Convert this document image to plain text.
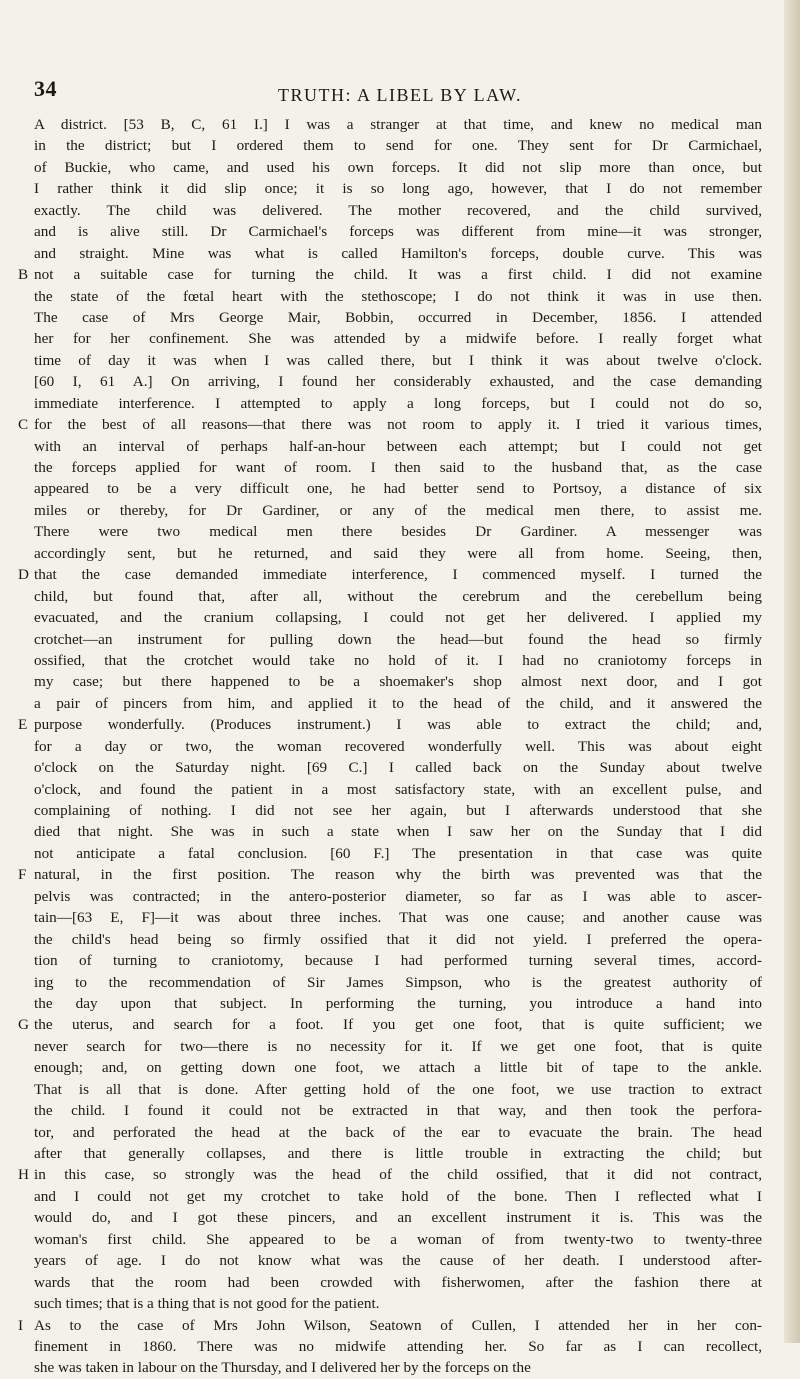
34	TRUTH: A LIBEL BY LAW.
A district. [53 B, C, 61 I.] I was a stranger at that time, and knew no medical man
in the district; but I ordered them to send for one. They sent for Dr Carmichael,
of Buckie, who came, and used his own forceps. It did not slip more than once, but
I rather think it did slip once; it is so long ago, however, that I do not remember
exactly. The child was delivered. The mother recovered, and the child survived,
and is alive still. Dr Carmichael's forceps was different from mine—it was stronger,
and straight. Mine was what is called Hamilton's forceps, double curve. This was
B not a suitable case for turning the child. It was a first child. I did not examine
the state of the fœtal heart with the stethoscope; I do not think it was in use then.
The case of Mrs George Mair, Bobbin, occurred in December, 1856. I attended
her for her confinement. She was attended by a midwife before. I really forget what
time of day it was when I was called there, but I think it was about twelve o'clock.
[60 I, 61 A.] On arriving, I found her considerably exhausted, and the case demanding
immediate interference. I attempted to apply a long forceps, but I could not do so,
C for the best of all reasons—that there was not room to apply it. I tried it various times,
with an interval of perhaps half-an-hour between each attempt; but I could not get
the forceps applied for want of room. I then said to the husband that, as the case
appeared to be a very difficult one, he had better send to Portsoy, a distance of six
miles or thereby, for Dr Gardiner, or any of the medical men there, to assist me.
There were two medical men there besides Dr Gardiner. A messenger was
accordingly sent, but he returned, and said they were all from home. Seeing, then,
D that the case demanded immediate interference, I commenced myself. I turned the
child, but found that, after all, without the cerebrum and the cerebellum being
evacuated, and the cranium collapsing, I could not get her delivered. I applied my
crotchet—an instrument for pulling down the head—but found the head so firmly
ossified, that the crotchet would take no hold of it. I had no craniotomy forceps in
my case; but there happened to be a shoemaker's shop almost next door, and I got
a pair of pincers from him, and applied it to the head of the child, and it answered the
E purpose wonderfully. (Produces instrument.) I was able to extract the child; and,
for a day or two, the woman recovered wonderfully well. This was about eight
o'clock on the Saturday night. [69 C.] I called back on the Sunday about twelve
o'clock, and found the patient in a most satisfactory state, with an excellent pulse, and
complaining of nothing. I did not see her again, but I afterwards understood that she
died that night. She was in such a state when I saw her on the Sunday that I did
not anticipate a fatal conclusion. [60 F.] The presentation in that case was quite
F natural, in the first position. The reason why the birth was prevented was that the
pelvis was contracted; in the antero-posterior diameter, so far as I was able to ascer-
tain—[63 E, F]—it was about three inches. That was one cause; and another cause was
the child's head being so firmly ossified that it did not yield. I preferred the opera-
tion of turning to craniotomy, because I had performed turning several times, accord-
ing to the recommendation of Sir James Simpson, who is the greatest authority of
the day upon that subject. In performing the turning, you introduce a hand into
G the uterus, and search for a foot. If you get one foot, that is quite sufficient; we
never search for two—there is no necessity for it. If we get one foot, that is quite
enough; and, on getting down one foot, we attach a little bit of tape to the ankle.
That is all that is done. After getting hold of the one foot, we use traction to extract
the child. I found it could not be extracted in that way, and then took the perfora-
tor, and perforated the head at the back of the ear to evacuate the brain. The head
after that generally collapses, and there is little trouble in extracting the child; but
H in this case, so strongly was the head of the child ossified, that it did not contract,
and I could not get my crotchet to take hold of the bone. Then I reflected what I
would do, and I got these pincers, and an excellent instrument it is. This was the
woman's first child. She appeared to be a woman of from twenty-two to twenty-three
years of age. I do not know what was the cause of her death. I understood after-
wards that the room had been crowded with fisherwomen, after the fashion there at
such times; that is a thing that is not good for the patient.
I As to the case of Mrs John Wilson, Seatown of Cullen, I attended her in her con-
finement in 1860. There was no midwife attending her. So far as I can recollect,
she was taken in labour on the Thursday, and I delivered her by the forceps on the
